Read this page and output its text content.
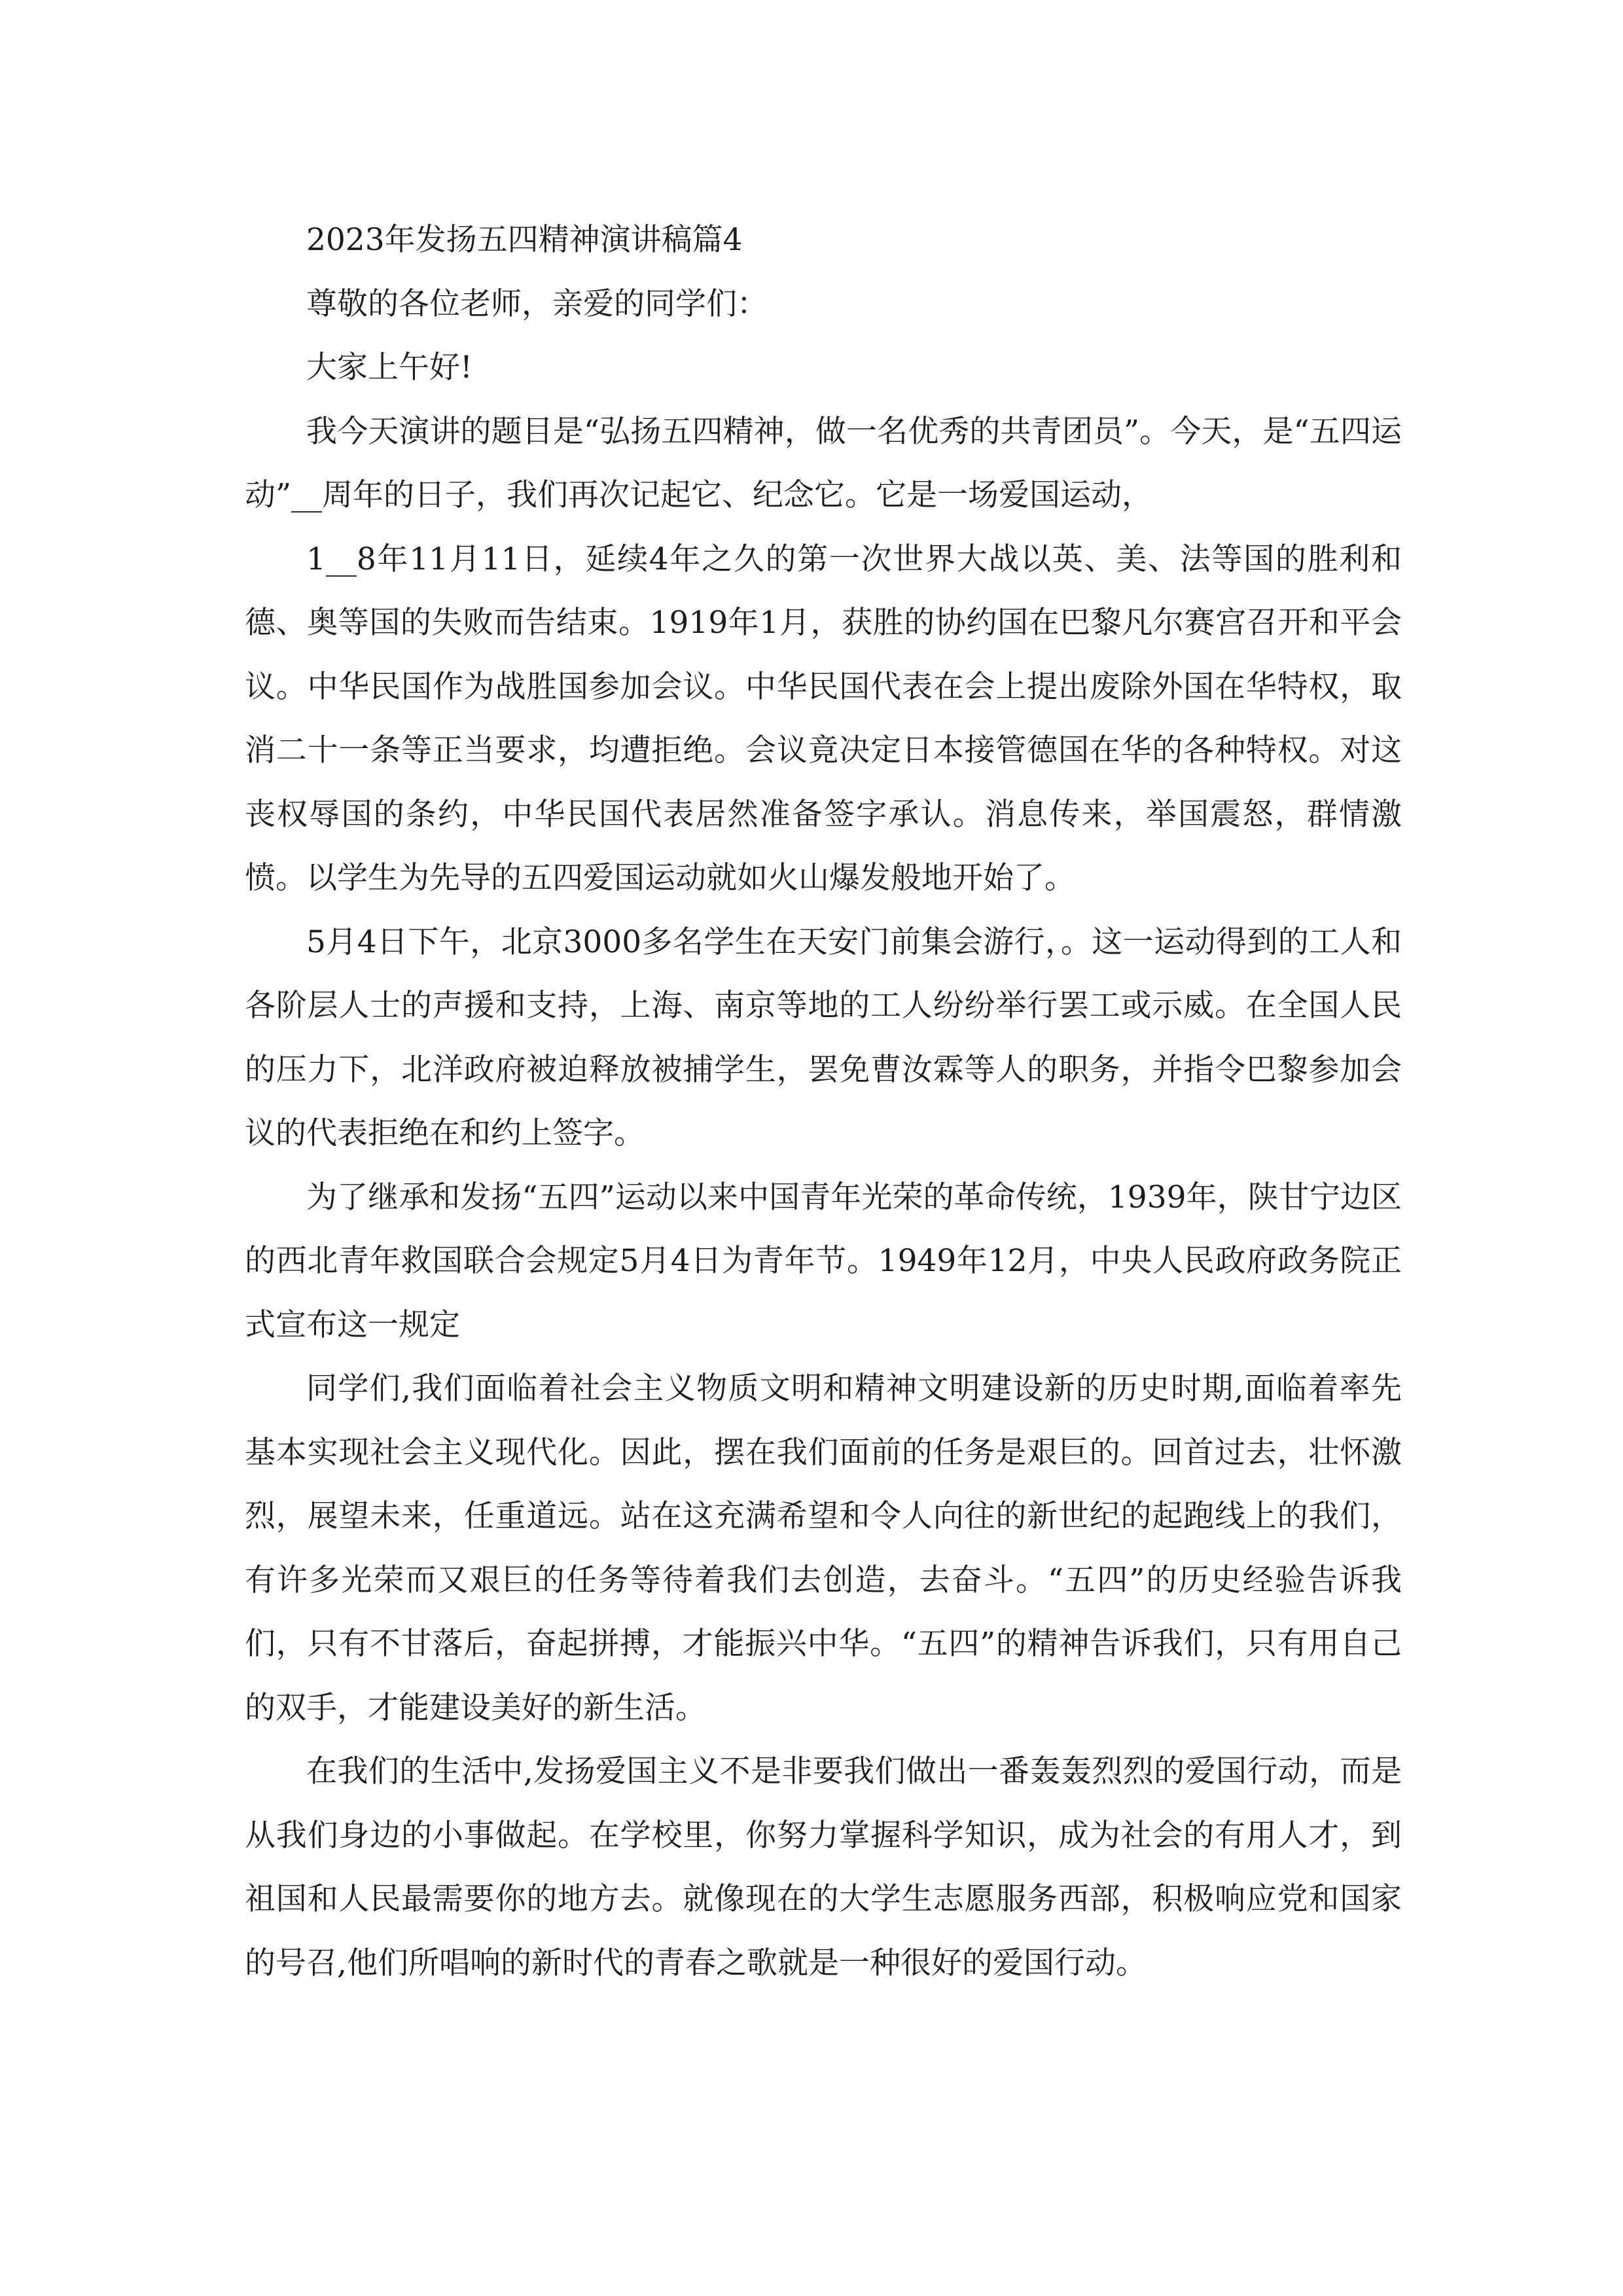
2023年发扬五四精神演讲稿篇4

尊敬的各位老师，亲爱的同学们：

大家上午好!

我今天演讲的题目是“弘扬五四精神，做一名优秀的共青团员”。今天，是“五四运动”__周年的日子，我们再次记起它、纪念它。它是一场爱国运动，

1__8年11月11日，延续4年之久的第一次世界大战以英、美、法等国的胜利和德、奥等国的失败而告结束。1919年1月，获胜的协约国在巴黎凡尔赛宫召开和平会议。中华民国作为战胜国参加会议。中华民国代表在会上提出废除外国在华特权，取消二十一条等正当要求，均遭拒绝。会议竟决定日本接管德国在华的各种特权。对这丧权辱国的条约，中华民国代表居然准备签字承认。消息传来，举国震怒，群情激愤。以学生为先导的五四爱国运动就如火山爆发般地开始了。

5月4日下午，北京3000多名学生在天安门前集会游行，。这一运动得到的工人和各阶层人士的声援和支持，上海、南京等地的工人纷纷举行罢工或示威。在全国人民的压力下，北洋政府被迫释放被捕学生，罢免曹汝霖等人的职务，并指令巴黎参加会议的代表拒绝在和约上签字。

为了继承和发扬“五四”运动以来中国青年光荣的革命传统，1939年，陕甘宁边区的西北青年救国联合会规定5月4日为青年节。1949年12月，中央人民政府政务院正式宣布这一规定

同学们,我们面临着社会主义物质文明和精神文明建设新的历史时期,面临着率先基本实现社会主义现代化。因此，摆在我们面前的任务是艰巨的。回首过去，壮怀激烈，展望未来，任重道远。站在这充满希望和令人向往的新世纪的起跑线上的我们，有许多光荣而又艰巨的任务等待着我们去创造，去奋斗。“五四”的历史经验告诉我们，只有不甘落后，奋起拼搏，才能振兴中华。“五四”的精神告诉我们，只有用自己的双手，才能建设美好的新生活。

在我们的生活中,发扬爱国主义不是非要我们做出一番轰轰烈烈的爱国行动，而是从我们身边的小事做起。在学校里，你努力掌握科学知识，成为社会的有用人才，到祖国和人民最需要你的地方去。就像现在的大学生志愿服务西部，积极响应党和国家的号召,他们所唱响的新时代的青春之歌就是一种很好的爱国行动。
